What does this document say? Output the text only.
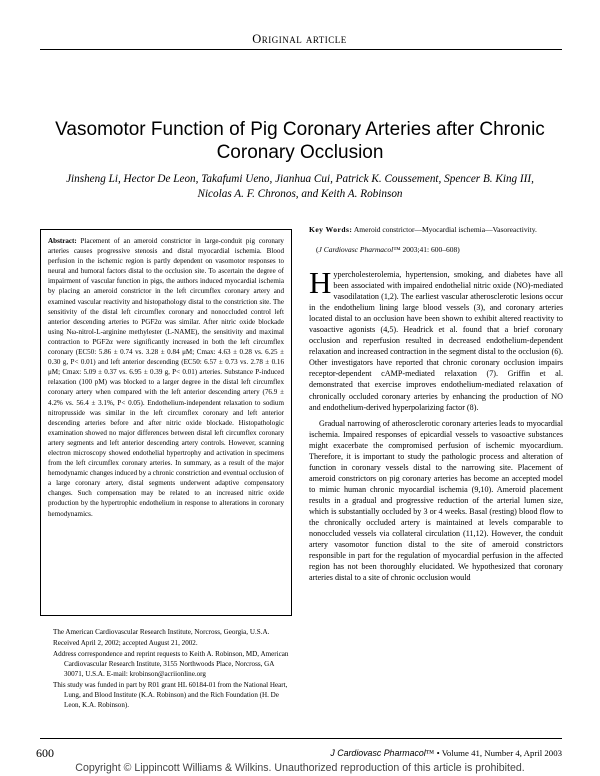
Original article
Vasomotor Function of Pig Coronary Arteries after Chronic Coronary Occlusion
Jinsheng Li, Hector De Leon, Takafumi Ueno, Jianhua Cui, Patrick K. Coussement, Spencer B. King III,
Nicolas A. F. Chronos, and Keith A. Robinson
Abstract: Placement of an ameroid constrictor in large-conduit pig coronary arteries causes progressive stenosis and distal myocardial ischemia. Blood perfusion in the ischemic region is partly dependent on vasomotor responses to neural and humoral factors distal to the occlusion site. To ascertain the degree of impairment of vascular function in pigs, the authors induced myocardial ischemia by placing an ameroid constrictor in the left circumflex coronary artery and examined vascular reactivity and histopathology distal to the constriction site. The sensitivity of the distal left circumflex coronary and nonoccluded control left anterior descending arteries to PGF2α was similar. After nitric oxide blockade using Nω-nitrol-L-arginine methylester (L-NAME), the sensitivity and maximal contraction to PGF2α were significantly increased in both the left circumflex coronary (EC50: 5.86 ± 0.74 vs. 3.28 ± 0.84 μM; Cmax: 4.63 ± 0.28 vs. 6.25 ± 0.30 g, P< 0.01) and left anterior descending (EC50: 6.57 ± 0.73 vs. 2.78 ± 0.16 μM; Cmax: 5.09 ± 0.37 vs. 6.95 ± 0.39 g, P< 0.01) arteries. Substance P-induced relaxation (100 pM) was blocked to a larger degree in the distal left circumflex coronary artery when compared with the left anterior descending artery (76.9 ± 4.2% vs. 56.4 ± 3.1%, P< 0.05). Endothelium-independent relaxation to sodium nitroprusside was similar in the left circumflex coronary and left anterior descending arteries before and after nitric oxide blockade. Histopathologic examination showed no major differences between distal left circumflex coronary artery segments and left anterior descending artery controls. However, scanning electron microscopy showed endothelial hypertrophy and activation in specimens from the left circumflex coronary arteries. In summary, as a result of the major hemodynamic changes induced by a chronic constriction and eventual occlusion of a large coronary artery, distal segments underwent adaptive compensatory changes. Such compensation may be related to an increased nitric oxide production by the hypertrophic endothelium in response to alterations in coronary hemodynamics.

The American Cardiovascular Research Institute, Norcross, Georgia, U.S.A.

Received April 2, 2002; accepted August 21, 2002.

Address correspondence and reprint requests to Keith A. Robinson, MD, American Cardiovascular Research Institute, 3155 Northwoods Place, Norcross, GA 30071, U.S.A. E-mail: krobinson@acriionline.org

This study was funded in part by R01 grant HL 60184-01 from the National Heart, Lung, and Blood Institute (K.A. Robinson) and the Rich Foundation (H. De Leon, K.A. Robinson).

Key Words: Ameroid constrictor—Myocardial ischemia—Vasoreactivity.

(J Cardiovasc Pharmacol™ 2003;41: 600–608)

Hypercholesterolemia, hypertension, smoking, and diabetes have all been associated with impaired endothelial nitric oxide (NO)-mediated vasodilatation (1,2). The earliest vascular atherosclerotic lesions occur in the endothelium lining large blood vessels (3), and coronary arteries located distal to an occlusion have been shown to exhibit altered reactivity to vasoactive agonists (4,5). Headrick et al. found that a brief coronary occlusion and reperfusion resulted in decreased endothelium-dependent relaxation and increased contraction in the segment distal to the occlusion (6). Other investigators have reported that chronic coronary occlusion impairs receptor-dependent cAMP-mediated relaxation (7). Griffin et al. demonstrated that exercise improves endothelium-mediated relaxation of chronically occluded coronary arteries by enhancing the production of NO and endothelium-derived hyperpolarizing factor (8).

Gradual narrowing of atherosclerotic coronary arteries leads to myocardial ischemia. Impaired responses of epicardial vessels to vasoactive substances might exacerbate the compromised perfusion of ischemic myocardium. Therefore, it is important to study the pathologic process and alteration of function in coronary vessels distal to the narrowing site. Placement of ameroid constrictors on pig coronary arteries has become an accepted model to mimic human chronic myocardial ischemia (9,10). Ameroid placement results in a gradual and progressive reduction of the arterial lumen size, which is substantially occluded by 3 or 4 weeks. Basal (resting) blood flow to the chronically occluded artery is maintained at levels comparable to nonoccluded vessels via collateral circulation (11,12). However, the conduit artery vasomotor function distal to the site of ameroid constrictors responsible in part for the regulation of myocardial perfusion in the affected region has not been thoroughly elucidated. We hypothesized that coronary arteries distal to a site of chronic occlusion would

600	J Cardiovasc Pharmacol™ • Volume 41, Number 4, April 2003
Copyright © Lippincott Williams & Wilkins. Unauthorized reproduction of this article is prohibited.
